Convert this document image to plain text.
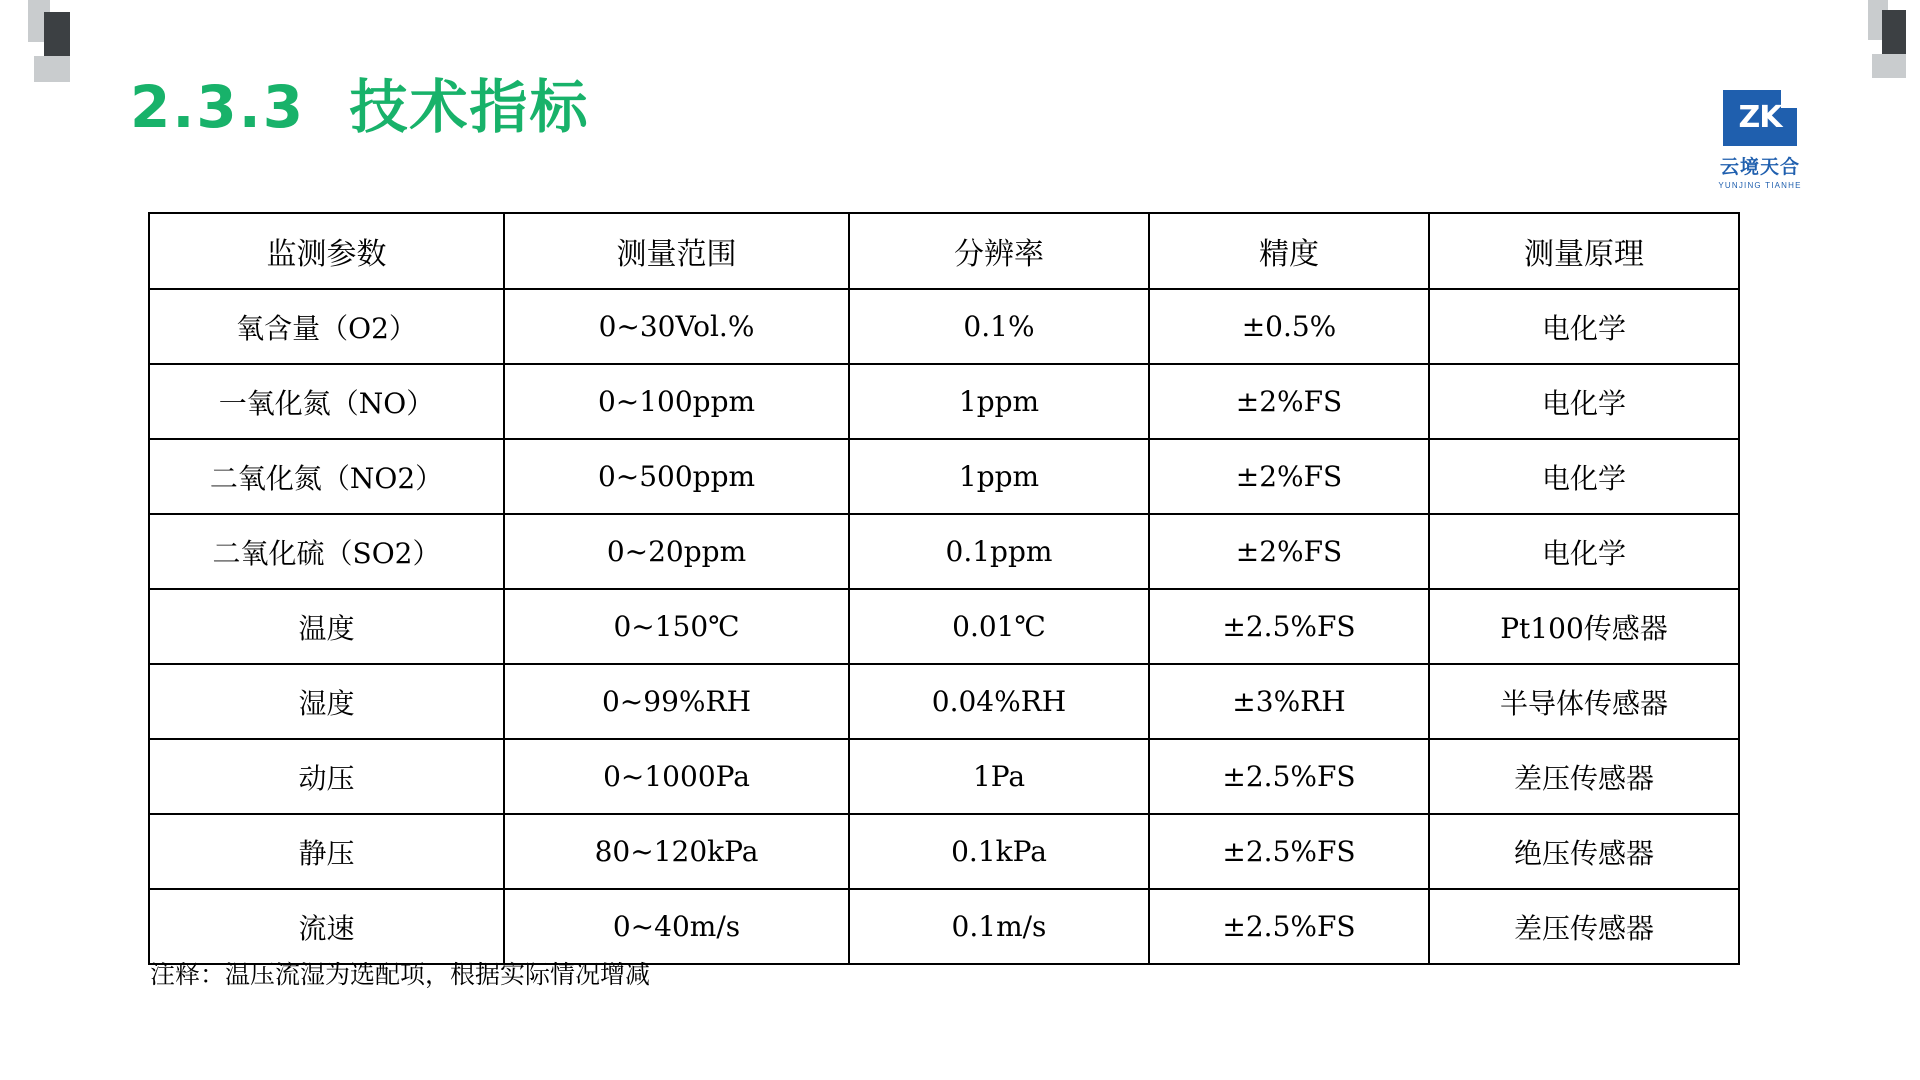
2.3.3  技术指标	ZK
云境天合
YUNJING TIANHE
监测参数	测量范围	分辨率	精度	测量原理
氧含量（O2）	0~30Vol.%	0.1%	±0.5%	电化学
一氧化氮（NO）	0~100ppm	1ppm	±2%FS	电化学
二氧化氮（NO2）	0~500ppm	1ppm	±2%FS	电化学
二氧化硫（SO2）	0~20ppm	0.1ppm	±2%FS	电化学
温度	0~150℃	0.01℃	±2.5%FS	Pt100传感器
湿度	0~99%RH	0.04%RH	±3%RH	半导体传感器
动压	0~1000Pa	1Pa	±2.5%FS	差压传感器
静压	80~120kPa	0.1kPa	±2.5%FS	绝压传感器
流速	0~40m/s	0.1m/s	±2.5%FS	差压传感器
注释：温压流湿为选配项，根据实际情况增减
